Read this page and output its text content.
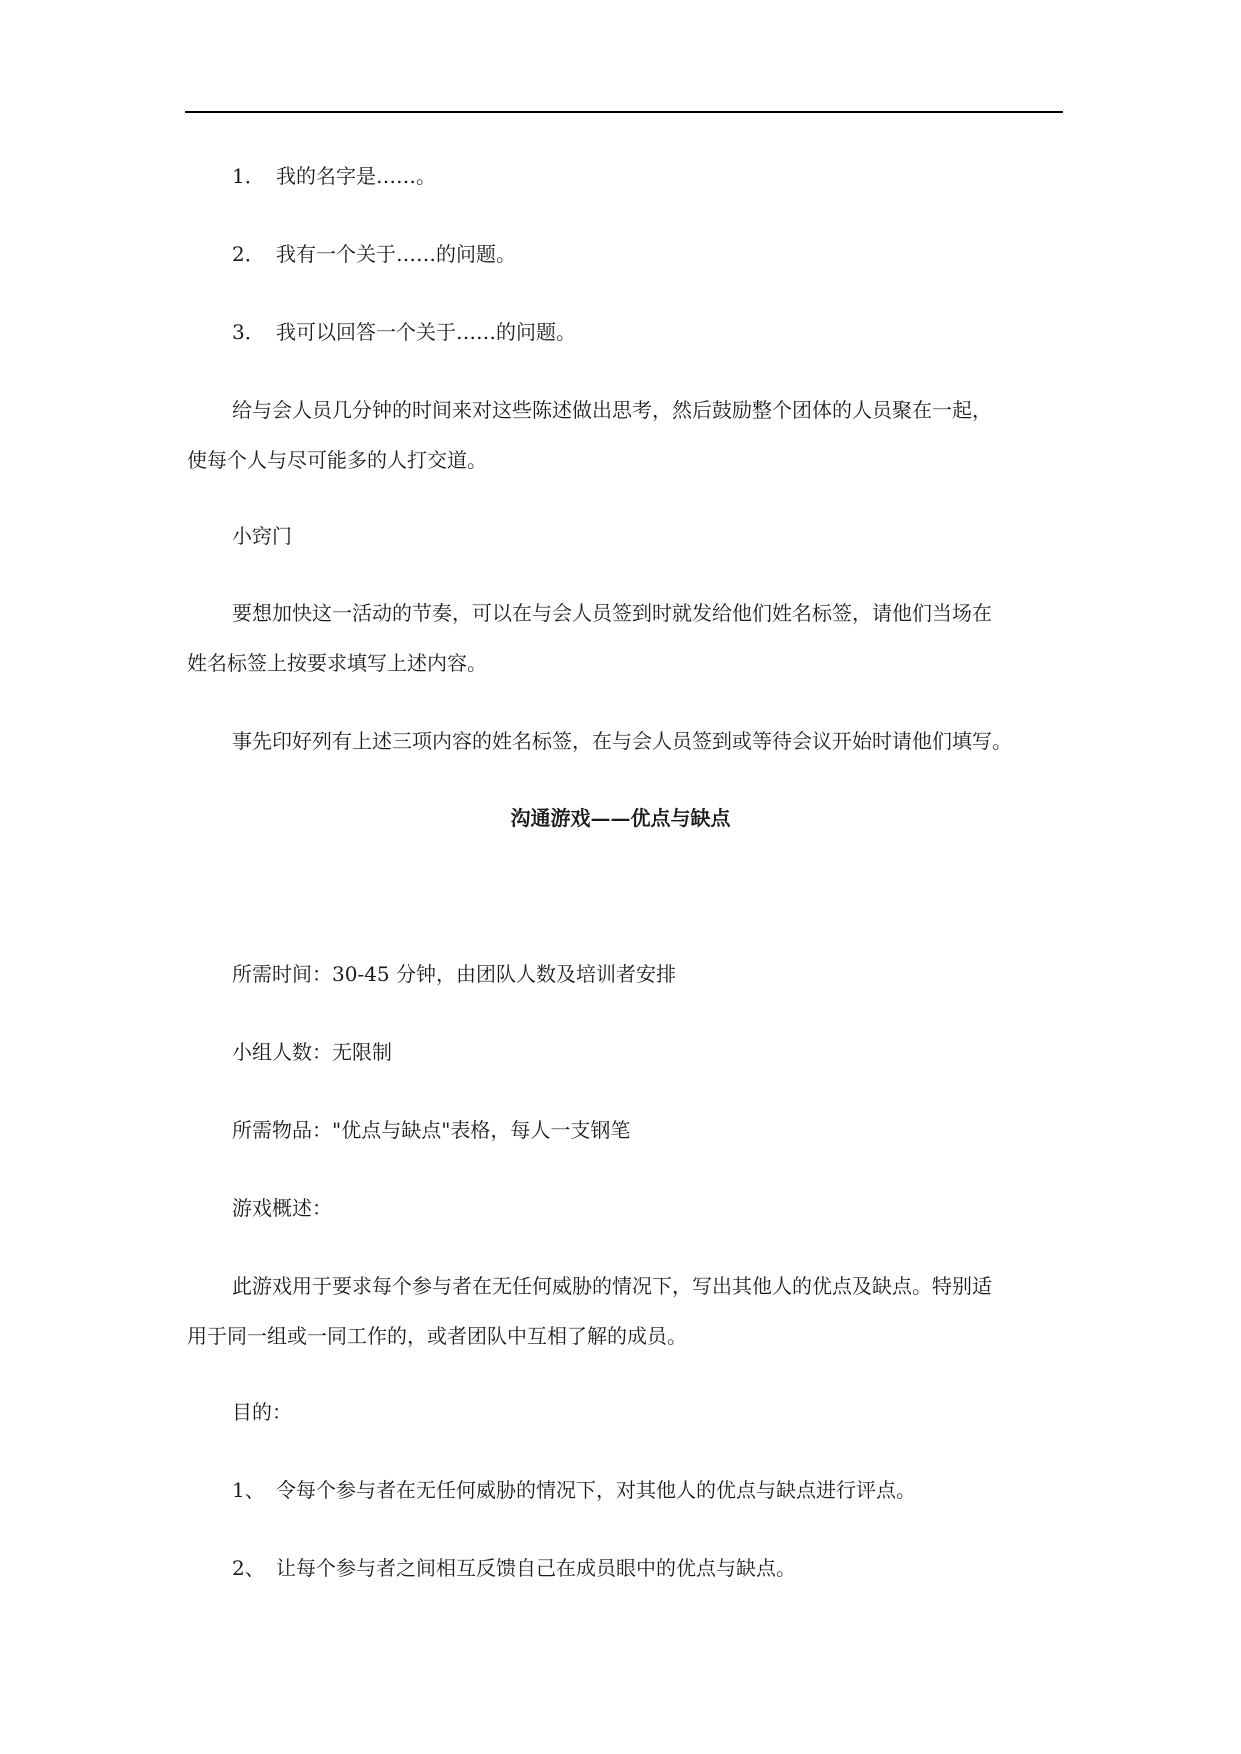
1． 我的名字是……。
2． 我有一个关于……的问题。
3． 我可以回答一个关于……的问题。
给与会人员几分钟的时间来对这些陈述做出思考，然后鼓励整个团体的人员聚在一起，
使每个人与尽可能多的人打交道。
小窍门
要想加快这一活动的节奏，可以在与会人员签到时就发给他们姓名标签，请他们当场在
姓名标签上按要求填写上述内容。
事先印好列有上述三项内容的姓名标签，在与会人员签到或等待会议开始时请他们填写。
沟通游戏——优点与缺点
所需时间：30-45 分钟，由团队人数及培训者安排
小组人数：无限制
所需物品："优点与缺点"表格，每人一支钢笔
游戏概述：
此游戏用于要求每个参与者在无任何威胁的情况下，写出其他人的优点及缺点。特别适
用于同一组或一同工作的，或者团队中互相了解的成员。
目的：
1、 令每个参与者在无任何威胁的情况下，对其他人的优点与缺点进行评点。
2、 让每个参与者之间相互反馈自己在成员眼中的优点与缺点。
